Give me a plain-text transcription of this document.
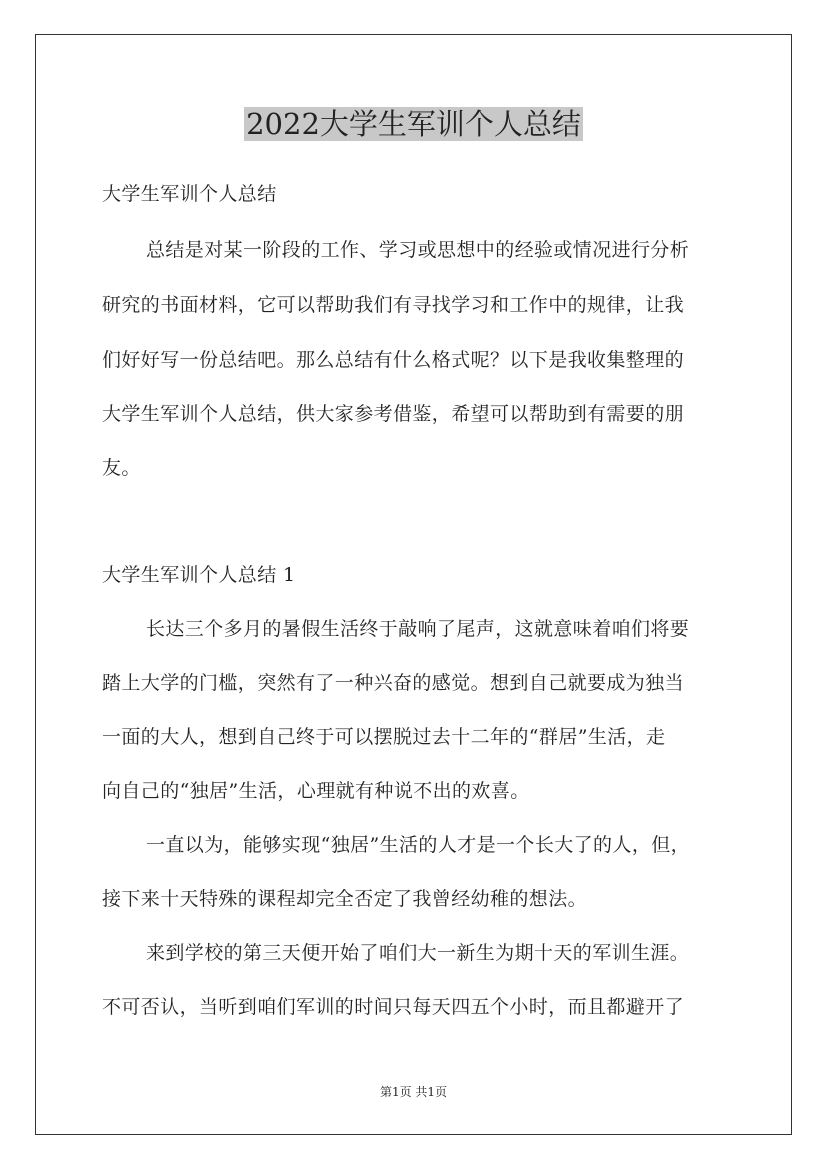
2022大学生军训个人总结
大学生军训个人总结
总结是对某一阶段的工作、学习或思想中的经验或情况进行分析
研究的书面材料，它可以帮助我们有寻找学习和工作中的规律，让我
们好好写一份总结吧。那么总结有什么格式呢？以下是我收集整理的
大学生军训个人总结，供大家参考借鉴，希望可以帮助到有需要的朋
友。
大学生军训个人总结 1
长达三个多月的暑假生活终于敲响了尾声，这就意味着咱们将要
踏上大学的门槛，突然有了一种兴奋的感觉。想到自己就要成为独当
一面的大人，想到自己终于可以摆脱过去十二年的“群居”生活，走
向自己的“独居”生活，心理就有种说不出的欢喜。
一直以为，能够实现“独居”生活的人才是一个长大了的人，但，
接下来十天特殊的课程却完全否定了我曾经幼稚的想法。
来到学校的第三天便开始了咱们大一新生为期十天的军训生涯。
不可否认，当听到咱们军训的时间只每天四五个小时，而且都避开了
第1页 共1页
